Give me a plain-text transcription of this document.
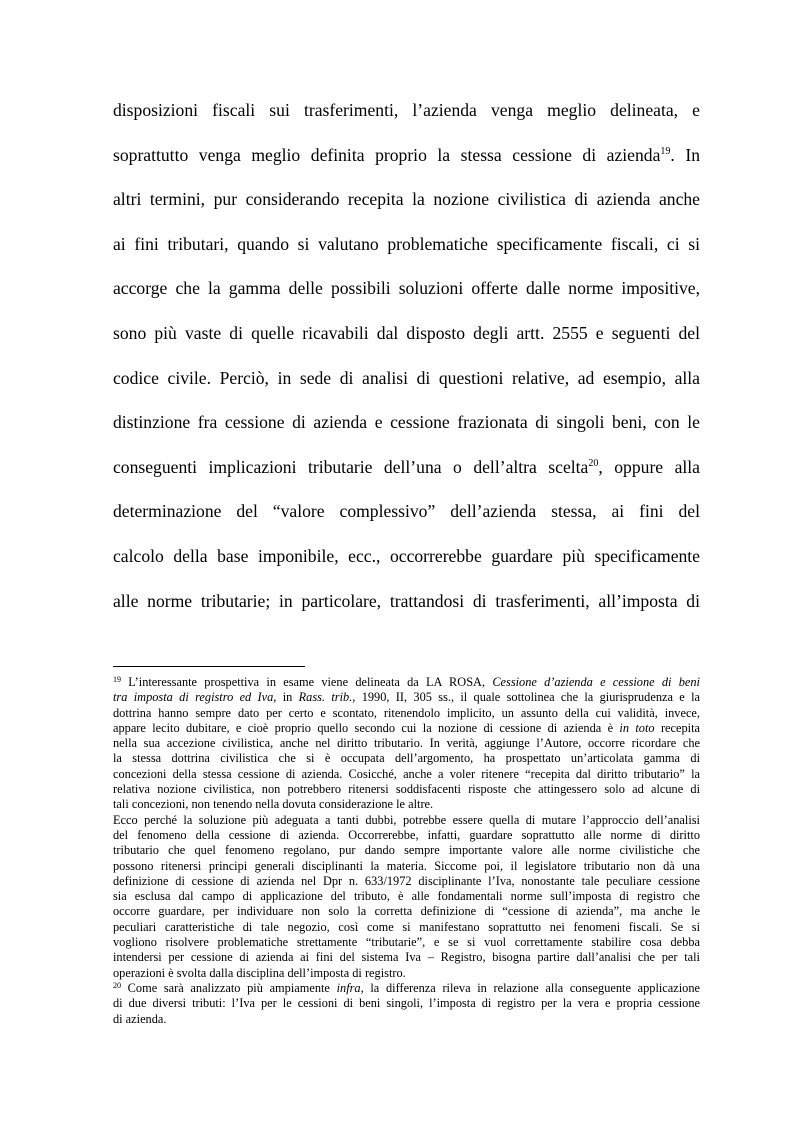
disposizioni fiscali sui trasferimenti, l’azienda venga meglio delineata, e
soprattutto venga meglio definita proprio la stessa cessione di azienda$^{19}$. In
altri termini, pur considerando recepita la nozione civilistica di azienda anche
ai fini tributari, quando si valutano problematiche specificamente fiscali, ci si
accorge che la gamma delle possibili soluzioni offerte dalle norme impositive,
sono più vaste di quelle ricavabili dal disposto degli artt. 2555 e seguenti del
codice civile. Perciò, in sede di analisi di questioni relative, ad esempio, alla
distinzione fra cessione di azienda e cessione frazionata di singoli beni, con le
conseguenti implicazioni tributarie dell’una o dell’altra scelta$^{20}$, oppure alla
determinazione del “valore complessivo” dell’azienda stessa, ai fini del
calcolo della base imponibile, ecc., occorrerebbe guardare più specificamente
alle norme tributarie; in particolare, trattandosi di trasferimenti, all’imposta di
$^{19}$ L’interessante prospettiva in esame viene delineata da LA ROSA, Cessione d’azienda e cessione di beni
tra imposta di registro ed Iva, in Rass. trib., 1990, II, 305 ss., il quale sottolinea che la giurisprudenza e la
dottrina hanno sempre dato per certo e scontato, ritenendolo implicito, un assunto della cui validità, invece,
appare lecito dubitare, e cioè proprio quello secondo cui la nozione di cessione di azienda è in toto recepita
nella sua accezione civilistica, anche nel diritto tributario. In verità, aggiunge l’Autore, occorre ricordare che
la stessa dottrina civilistica che si è occupata dell’argomento, ha prospettato un’articolata gamma di
concezioni della stessa cessione di azienda. Cosicché, anche a voler ritenere “recepita dal diritto tributario” la
relativa nozione civilistica, non potrebbero ritenersi soddisfacenti risposte che attingessero solo ad alcune di
tali concezioni, non tenendo nella dovuta considerazione le altre.
Ecco perché la soluzione più adeguata a tanti dubbi, potrebbe essere quella di mutare l’approccio dell’analisi
del fenomeno della cessione di azienda. Occorrerebbe, infatti, guardare soprattutto alle norme di diritto
tributario che quel fenomeno regolano, pur dando sempre importante valore alle norme civilistiche che
possono ritenersi principi generali disciplinanti la materia. Siccome poi, il legislatore tributario non dà una
definizione di cessione di azienda nel Dpr n. 633/1972 disciplinante l’Iva, nonostante tale peculiare cessione
sia esclusa dal campo di applicazione del tributo, è alle fondamentali norme sull’imposta di registro che
occorre guardare, per individuare non solo la corretta definizione di “cessione di azienda”, ma anche le
peculiari caratteristiche di tale negozio, così come si manifestano soprattutto nei fenomeni fiscali. Se si
vogliono risolvere problematiche strettamente “tributarie”, e se si vuol correttamente stabilire cosa debba
intendersi per cessione di azienda ai fini del sistema Iva – Registro, bisogna partire dall’analisi che per tali
operazioni è svolta dalla disciplina dell’imposta di registro.
$^{20}$ Come sarà analizzato più ampiamente infra, la differenza rileva in relazione alla conseguente applicazione
di due diversi tributi: l’Iva per le cessioni di beni singoli, l’imposta di registro per la vera e propria cessione
di azienda.
